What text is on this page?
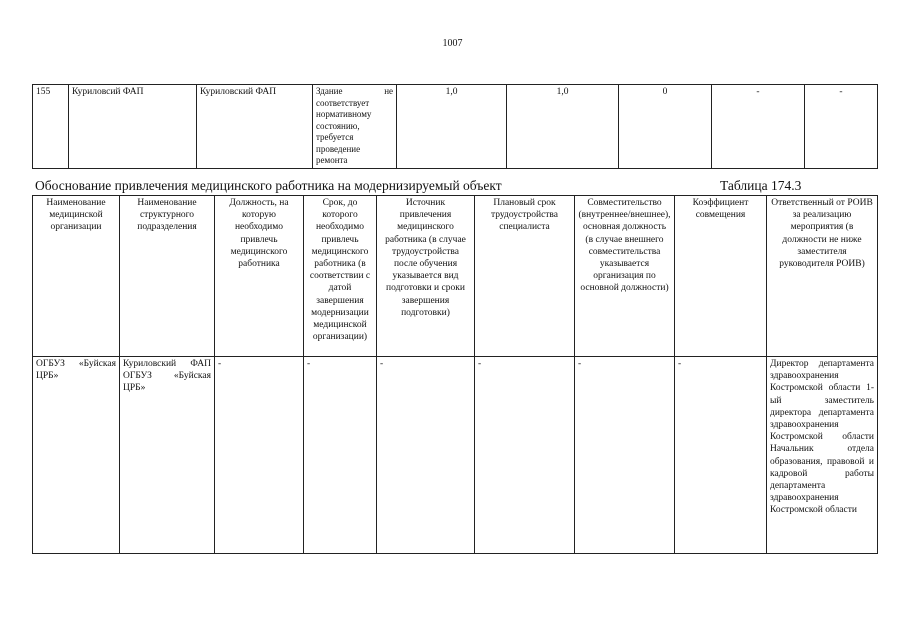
1007
155	Куриловсий ФАП	Куриловский ФАП	Здание не соответствует нормативному состоянию, требуется проведение ремонта	1,0	1,0	0	-	-
Обоснование привлечения медицинского работника на модернизируемый объект	Таблица 174.3
Наименование медицинской организации	Наименование структурного подразделения	Должность, на которую необходимо привлечь медицинского работника	Срок, до которого необходимо привлечь медицинского работника (в соответствии с датой завершения модернизации медицинской организации)	Источник привлечения медицинского работника (в случае трудоустройства после обучения указывается вид подготовки и сроки завершения подготовки)	Плановый срок трудоустройства специалиста	Совместительство (внутреннее/внешнее), основная должность (в случае внешнего совместительства указывается организация по основной должности)	Коэффициент совмещения	Ответственный от РОИВ за реализацию мероприятия (в должности не ниже заместителя руководителя РОИВ)
ОГБУЗ «Буйская ЦРБ»	Куриловский ФАП ОГБУЗ «Буйская ЦРБ»	-	-	-	-	-	-	Директор департамента здравоохранения Костромской области 1-ый заместитель директора департамента здравоохранения Костромской области Начальник отдела образования, правовой и кадровой работы департамента здравоохранения Костромской области
